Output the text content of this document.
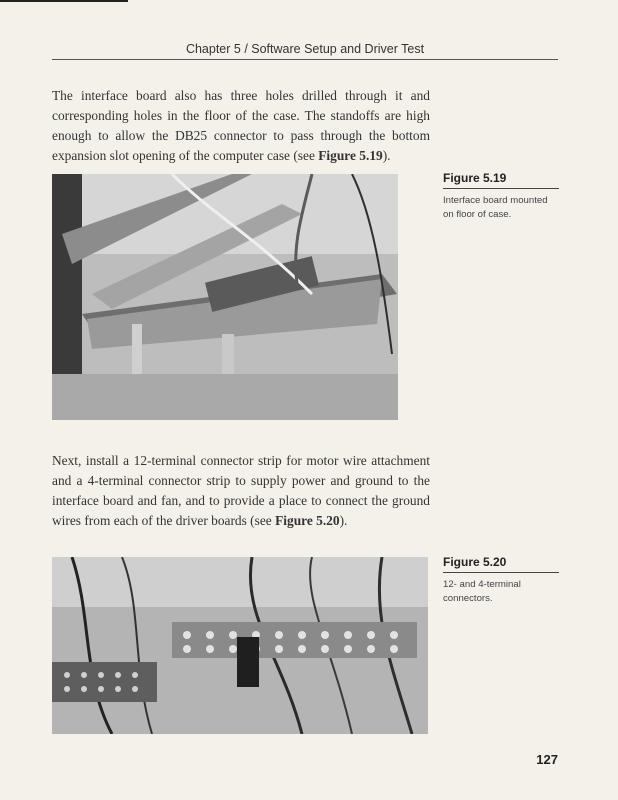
Chapter 5 / Software Setup and Driver Test

The interface board also has three holes drilled through it and corresponding holes in the floor of the case. The standoffs are high enough to allow the DB25 connector to pass through the bottom expansion slot opening of the computer case (see Figure 5.19).

Figure 5.19
Interface board mounted on floor of case.

Next, install a 12-terminal connector strip for motor wire attachment and a 4-terminal connector strip to supply power and ground to the interface board and fan, and to provide a place to connect the ground wires from each of the driver boards (see Figure 5.20).

Figure 5.20
12- and 4-terminal connectors.
127
